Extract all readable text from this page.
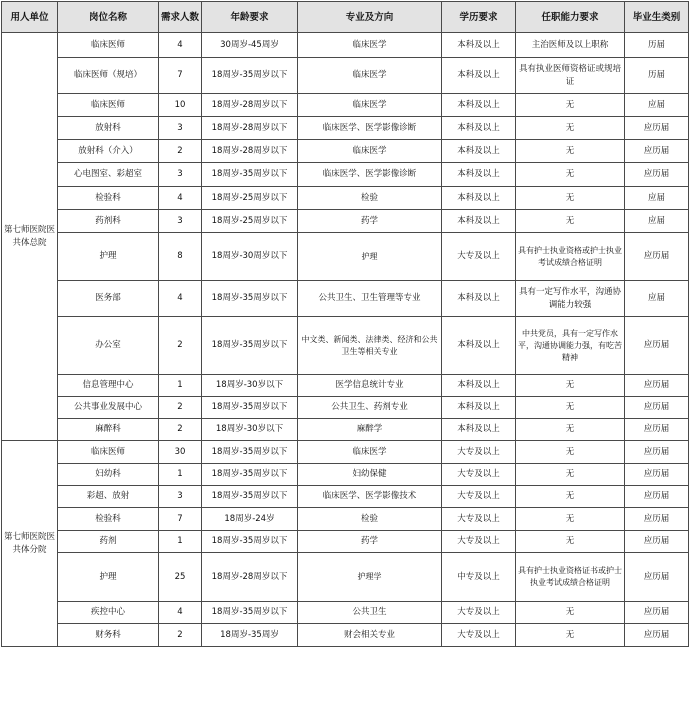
用人单位	岗位名称	需求人数	年龄要求	专业及方向	学历要求	任职能力要求	毕业生类别
第七师医院医共体总院	临床医师	4	30周岁-45周岁	临床医学	本科及以上	主治医师及以上职称	历届
	临床医师（规培）	7	18周岁-35周岁以下	临床医学	本科及以上	具有执业医师资格证或规培证	历届
	临床医师	10	18周岁-28周岁以下	临床医学	本科及以上	无	应届
	放射科	3	18周岁-28周岁以下	临床医学、医学影像诊断	本科及以上	无	应历届
	放射科（介入）	2	18周岁-28周岁以下	临床医学	本科及以上	无	应历届
	心电图室、彩超室	3	18周岁-35周岁以下	临床医学、医学影像诊断	本科及以上	无	应历届
	检验科	4	18周岁-25周岁以下	检验	本科及以上	无	应届
	药剂科	3	18周岁-25周岁以下	药学	本科及以上	无	应届
	护理	8	18周岁-30周岁以下	护理	大专及以上	具有护士执业资格或护士执业考试成绩合格证明	应历届
	医务部	4	18周岁-35周岁以下	公共卫生、卫生管理等专业	本科及以上	具有一定写作水平，沟通协调能力较强	应届
	办公室	2	18周岁-35周岁以下	中文类、新闻类、法律类、经济和公共卫生等相关专业	本科及以上	中共党员，具有一定写作水平，沟通协调能力强，有吃苦精神	应历届
	信息管理中心	1	18周岁-30岁以下	医学信息统计专业	本科及以上	无	应历届
	公共事业发展中心	2	18周岁-35周岁以下	公共卫生、药剂专业	本科及以上	无	应历届
	麻醉科	2	18周岁-30岁以下	麻醉学	本科及以上	无	应历届
第七师医院医共体分院	临床医师	30	18周岁-35周岁以下	临床医学	大专及以上	无	应历届
	妇幼科	1	18周岁-35周岁以下	妇幼保健	大专及以上	无	应历届
	彩超、放射	3	18周岁-35周岁以下	临床医学、医学影像技术	大专及以上	无	应历届
	检验科	7	18周岁-24岁	检验	大专及以上	无	应历届
	药剂	1	18周岁-35周岁以下	药学	大专及以上	无	应历届
	护理	25	18周岁-28周岁以下	护理学	中专及以上	具有护士执业资格证书或护士执业考试成绩合格证明	应历届
	疾控中心	4	18周岁-35周岁以下	公共卫生	大专及以上	无	应历届
	财务科	2	18周岁-35周岁	财会相关专业	大专及以上	无	应历届
